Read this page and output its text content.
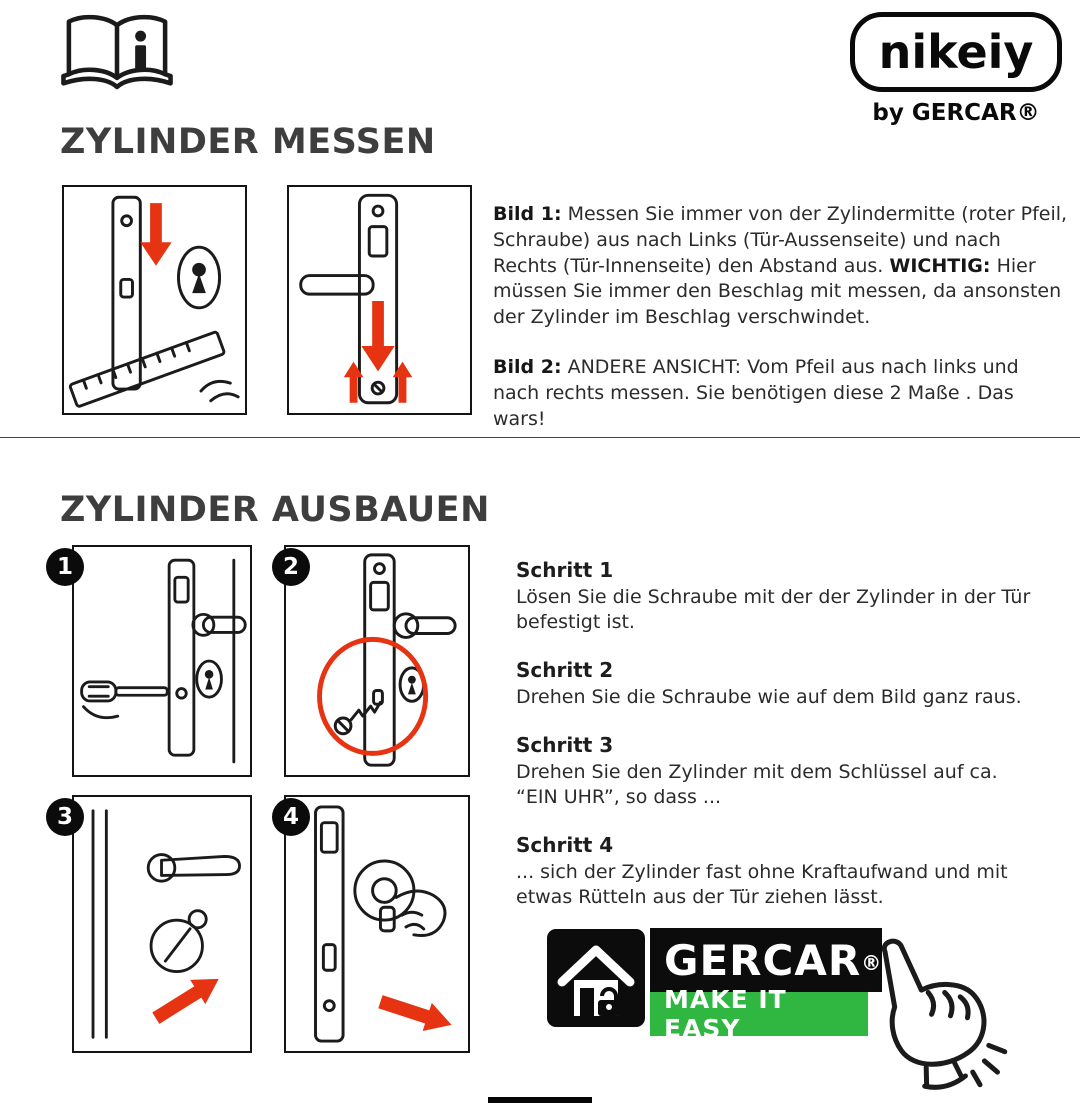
nikeiy
by GERCAR®
ZYLINDER MESSEN

Bild 1: Messen Sie immer von der Zylindermitte (roter Pfeil, Schraube) aus nach Links (Tür-Aussenseite) und nach Rechts (Tür-Innenseite) den Abstand aus. WICHTIG: Hier müssen Sie immer den Beschlag mit messen, da ansonsten der Zylinder im Beschlag verschwindet.

Bild 2: ANDERE ANSICHT: Vom Pfeil aus nach links und nach rechts messen. Sie benötigen diese 2 Maße . Das wars!

ZYLINDER AUSBAUEN
1	2
3	4
Schritt 1
Lösen Sie die Schraube mit der der Zylinder in der Tür befestigt ist.
Schritt 2
Drehen Sie die Schraube wie auf dem Bild ganz raus.
Schritt 3
Drehen Sie den Zylinder mit dem Schlüssel auf ca. “EIN UHR”, so dass ...
Schritt 4
... sich der Zylinder fast ohne Kraftaufwand und mit etwas Rütteln aus der Tür ziehen lässt.
GERCAR ®
MAKE IT EASY
